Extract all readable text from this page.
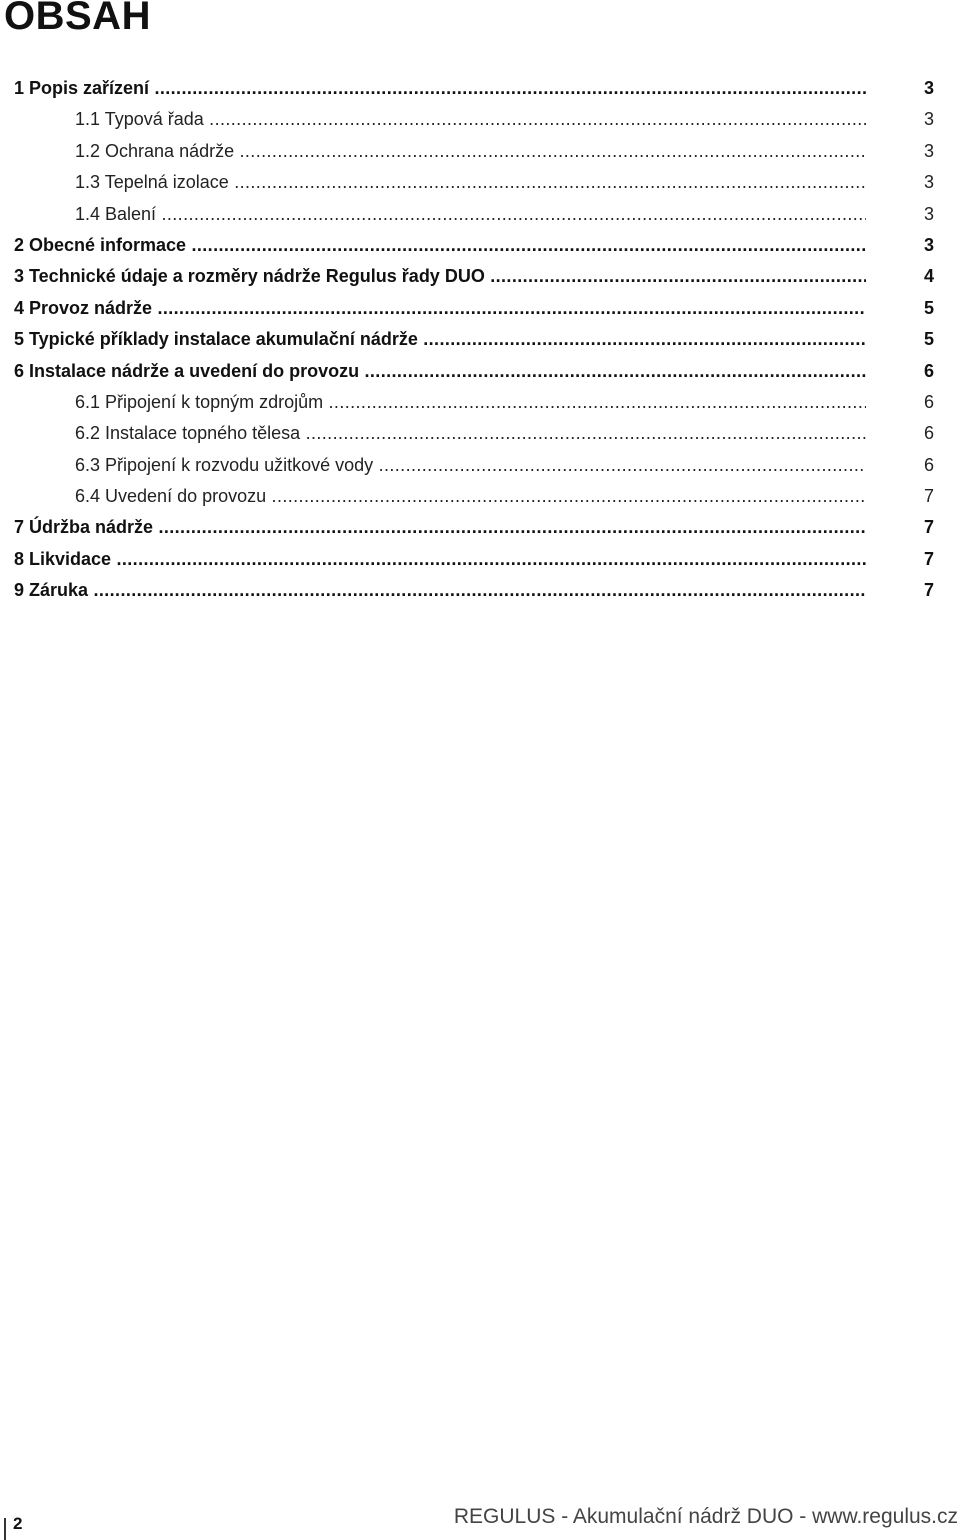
OBSAH
1 Popis zařízení .....	3
1.1 Typová řada .....	3
1.2 Ochrana nádrže .....	3
1.3 Tepelná izolace .....	3
1.4 Balení .....	3
2 Obecné informace .....	3
3 Technické údaje a rozměry nádrže Regulus řady DUO .....	4
4 Provoz nádrže .....	5
5 Typické příklady instalace akumulační nádrže .....	5
6 Instalace nádrže a uvedení do provozu .....	6
6.1 Připojení k topným zdrojům .....	6
6.2 Instalace topného tělesa .....	6
6.3 Připojení k rozvodu užitkové vody .....	6
6.4 Uvedení do provozu .....	7
7 Údržba nádrže .....	7
8 Likvidace .....	7
9 Záruka .....	7
2	REGULUS - Akumulační nádrž DUO - www.regulus.cz
